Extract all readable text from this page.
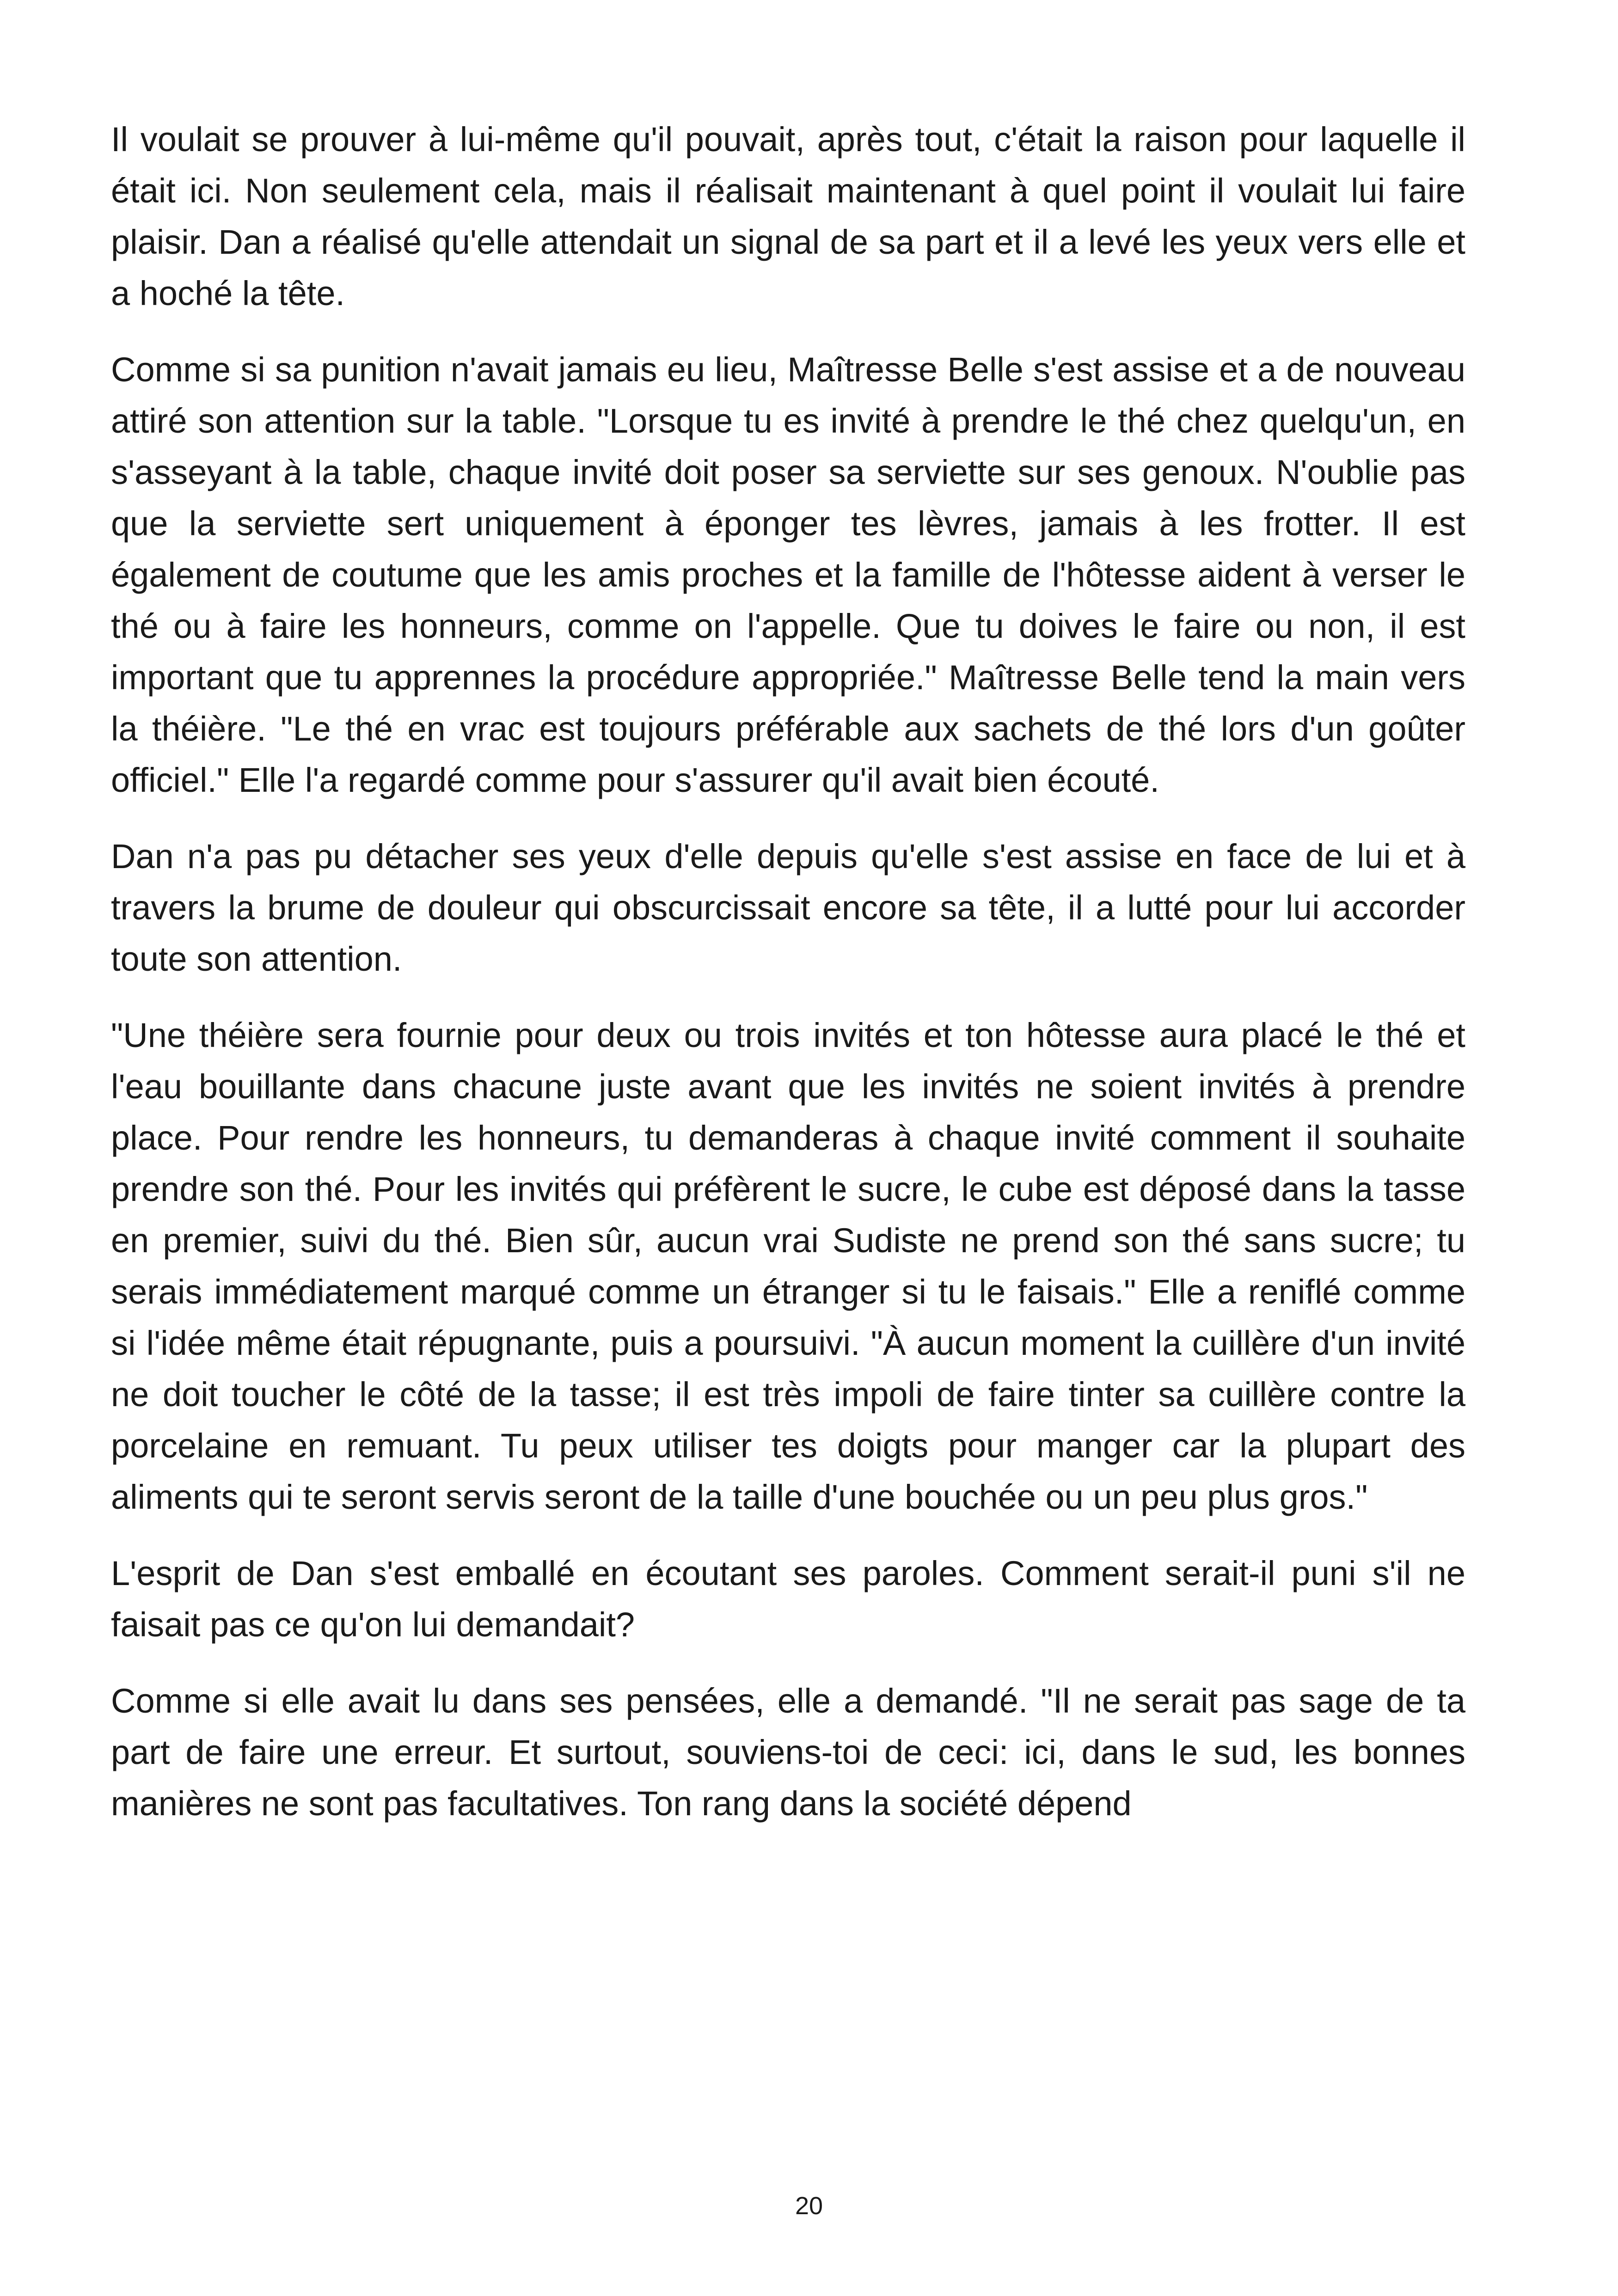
Il voulait se prouver à lui-même qu'il pouvait, après tout, c'était la raison pour laquelle il était ici. Non seulement cela, mais il réalisait maintenant à quel point il voulait lui faire plaisir. Dan a réalisé qu'elle attendait un signal de sa part et il a levé les yeux vers elle et a hoché la tête.

Comme si sa punition n'avait jamais eu lieu, Maîtresse Belle s'est assise et a de nouveau attiré son attention sur la table. "Lorsque tu es invité à prendre le thé chez quelqu'un, en s'asseyant à la table, chaque invité doit poser sa serviette sur ses genoux. N'oublie pas que la serviette sert uniquement à éponger tes lèvres, jamais à les frotter. Il est également de coutume que les amis proches et la famille de l'hôtesse aident à verser le thé ou à faire les honneurs, comme on l'appelle. Que tu doives le faire ou non, il est important que tu apprennes la procédure appropriée." Maîtresse Belle tend la main vers la théière. "Le thé en vrac est toujours préférable aux sachets de thé lors d'un goûter officiel." Elle l'a regardé comme pour s'assurer qu'il avait bien écouté.

Dan n'a pas pu détacher ses yeux d'elle depuis qu'elle s'est assise en face de lui et à travers la brume de douleur qui obscurcissait encore sa tête, il a lutté pour lui accorder toute son attention.

"Une théière sera fournie pour deux ou trois invités et ton hôtesse aura placé le thé et l'eau bouillante dans chacune juste avant que les invités ne soient invités à prendre place. Pour rendre les honneurs, tu demanderas à chaque invité comment il souhaite prendre son thé. Pour les invités qui préfèrent le sucre, le cube est déposé dans la tasse en premier, suivi du thé. Bien sûr, aucun vrai Sudiste ne prend son thé sans sucre; tu serais immédiatement marqué comme un étranger si tu le faisais." Elle a reniflé comme si l'idée même était répugnante, puis a poursuivi. "À aucun moment la cuillère d'un invité ne doit toucher le côté de la tasse; il est très impoli de faire tinter sa cuillère contre la porcelaine en remuant. Tu peux utiliser tes doigts pour manger car la plupart des aliments qui te seront servis seront de la taille d'une bouchée ou un peu plus gros."

L'esprit de Dan s'est emballé en écoutant ses paroles. Comment serait-il puni s'il ne faisait pas ce qu'on lui demandait?

Comme si elle avait lu dans ses pensées, elle a demandé. "Il ne serait pas sage de ta part de faire une erreur. Et surtout, souviens-toi de ceci: ici, dans le sud, les bonnes manières ne sont pas facultatives. Ton rang dans la société dépend

20
